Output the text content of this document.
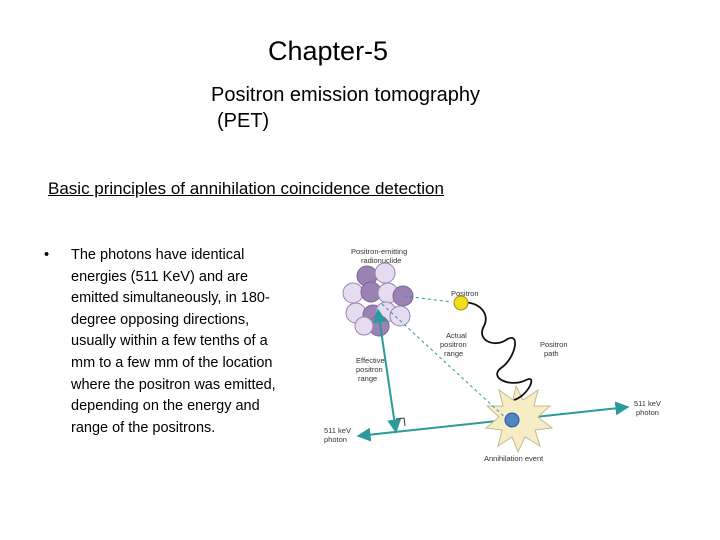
Chapter-5
Positron emission tomography
(PET)
Basic principles of annihilation coincidence detection
•	The photons have identical energies (511 KeV) and are emitted simultaneously, in 180-degree opposing directions, usually within a few tenths of a mm to a few mm of the location where the positron was emitted, depending on the energy and range of the positrons.
Positron-emitting
radionuclide
Positron
Actual
positron
range
Positron
path
Effective
positron
range
511 keV
photon
511 keV
photon
Annihilation event
